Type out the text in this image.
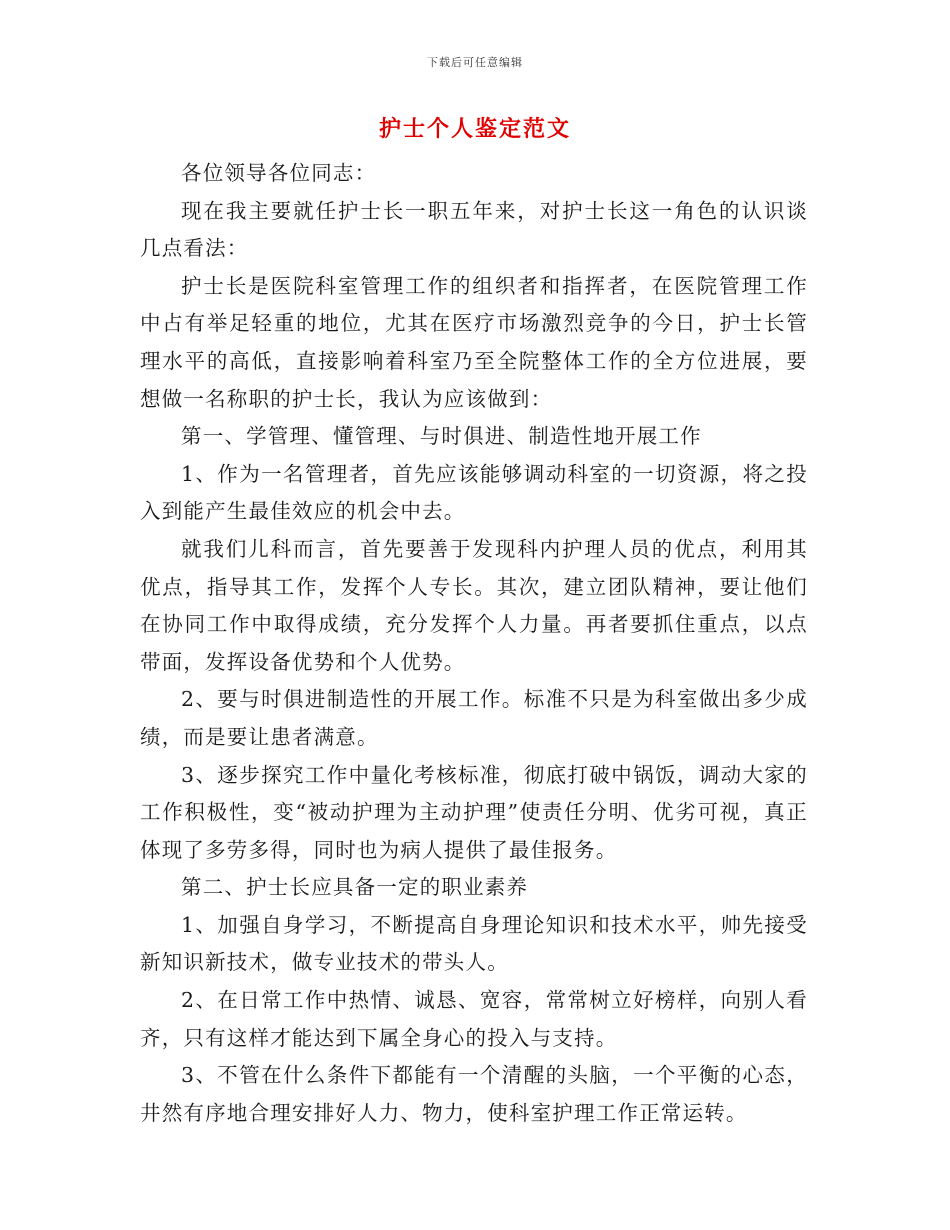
下载后可任意编辑
护士个人鉴定范文

各位领导各位同志：

现在我主要就任护士长一职五年来，对护士长这一角色的认识谈几点看法：

护士长是医院科室管理工作的组织者和指挥者，在医院管理工作中占有举足轻重的地位，尤其在医疗市场激烈竞争的今日，护士长管理水平的高低，直接影响着科室乃至全院整体工作的全方位进展，要想做一名称职的护士长，我认为应该做到：

第一、学管理、懂管理、与时俱进、制造性地开展工作

1、作为一名管理者，首先应该能够调动科室的一切资源，将之投入到能产生最佳效应的机会中去。

就我们儿科而言，首先要善于发现科内护理人员的优点，利用其优点，指导其工作，发挥个人专长。其次，建立团队精神，要让他们在协同工作中取得成绩，充分发挥个人力量。再者要抓住重点，以点带面，发挥设备优势和个人优势。

2、要与时俱进制造性的开展工作。标准不只是为科室做出多少成绩，而是要让患者满意。

3、逐步探究工作中量化考核标准，彻底打破中锅饭，调动大家的工作积极性，变“被动护理为主动护理”使责任分明、优劣可视，真正体现了多劳多得，同时也为病人提供了最佳报务。

第二、护士长应具备一定的职业素养

1、加强自身学习，不断提高自身理论知识和技术水平，帅先接受新知识新技术，做专业技术的带头人。

2、在日常工作中热情、诚恳、宽容，常常树立好榜样，向别人看齐，只有这样才能达到下属全身心的投入与支持。

3、不管在什么条件下都能有一个清醒的头脑，一个平衡的心态，井然有序地合理安排好人力、物力，使科室护理工作正常运转。
